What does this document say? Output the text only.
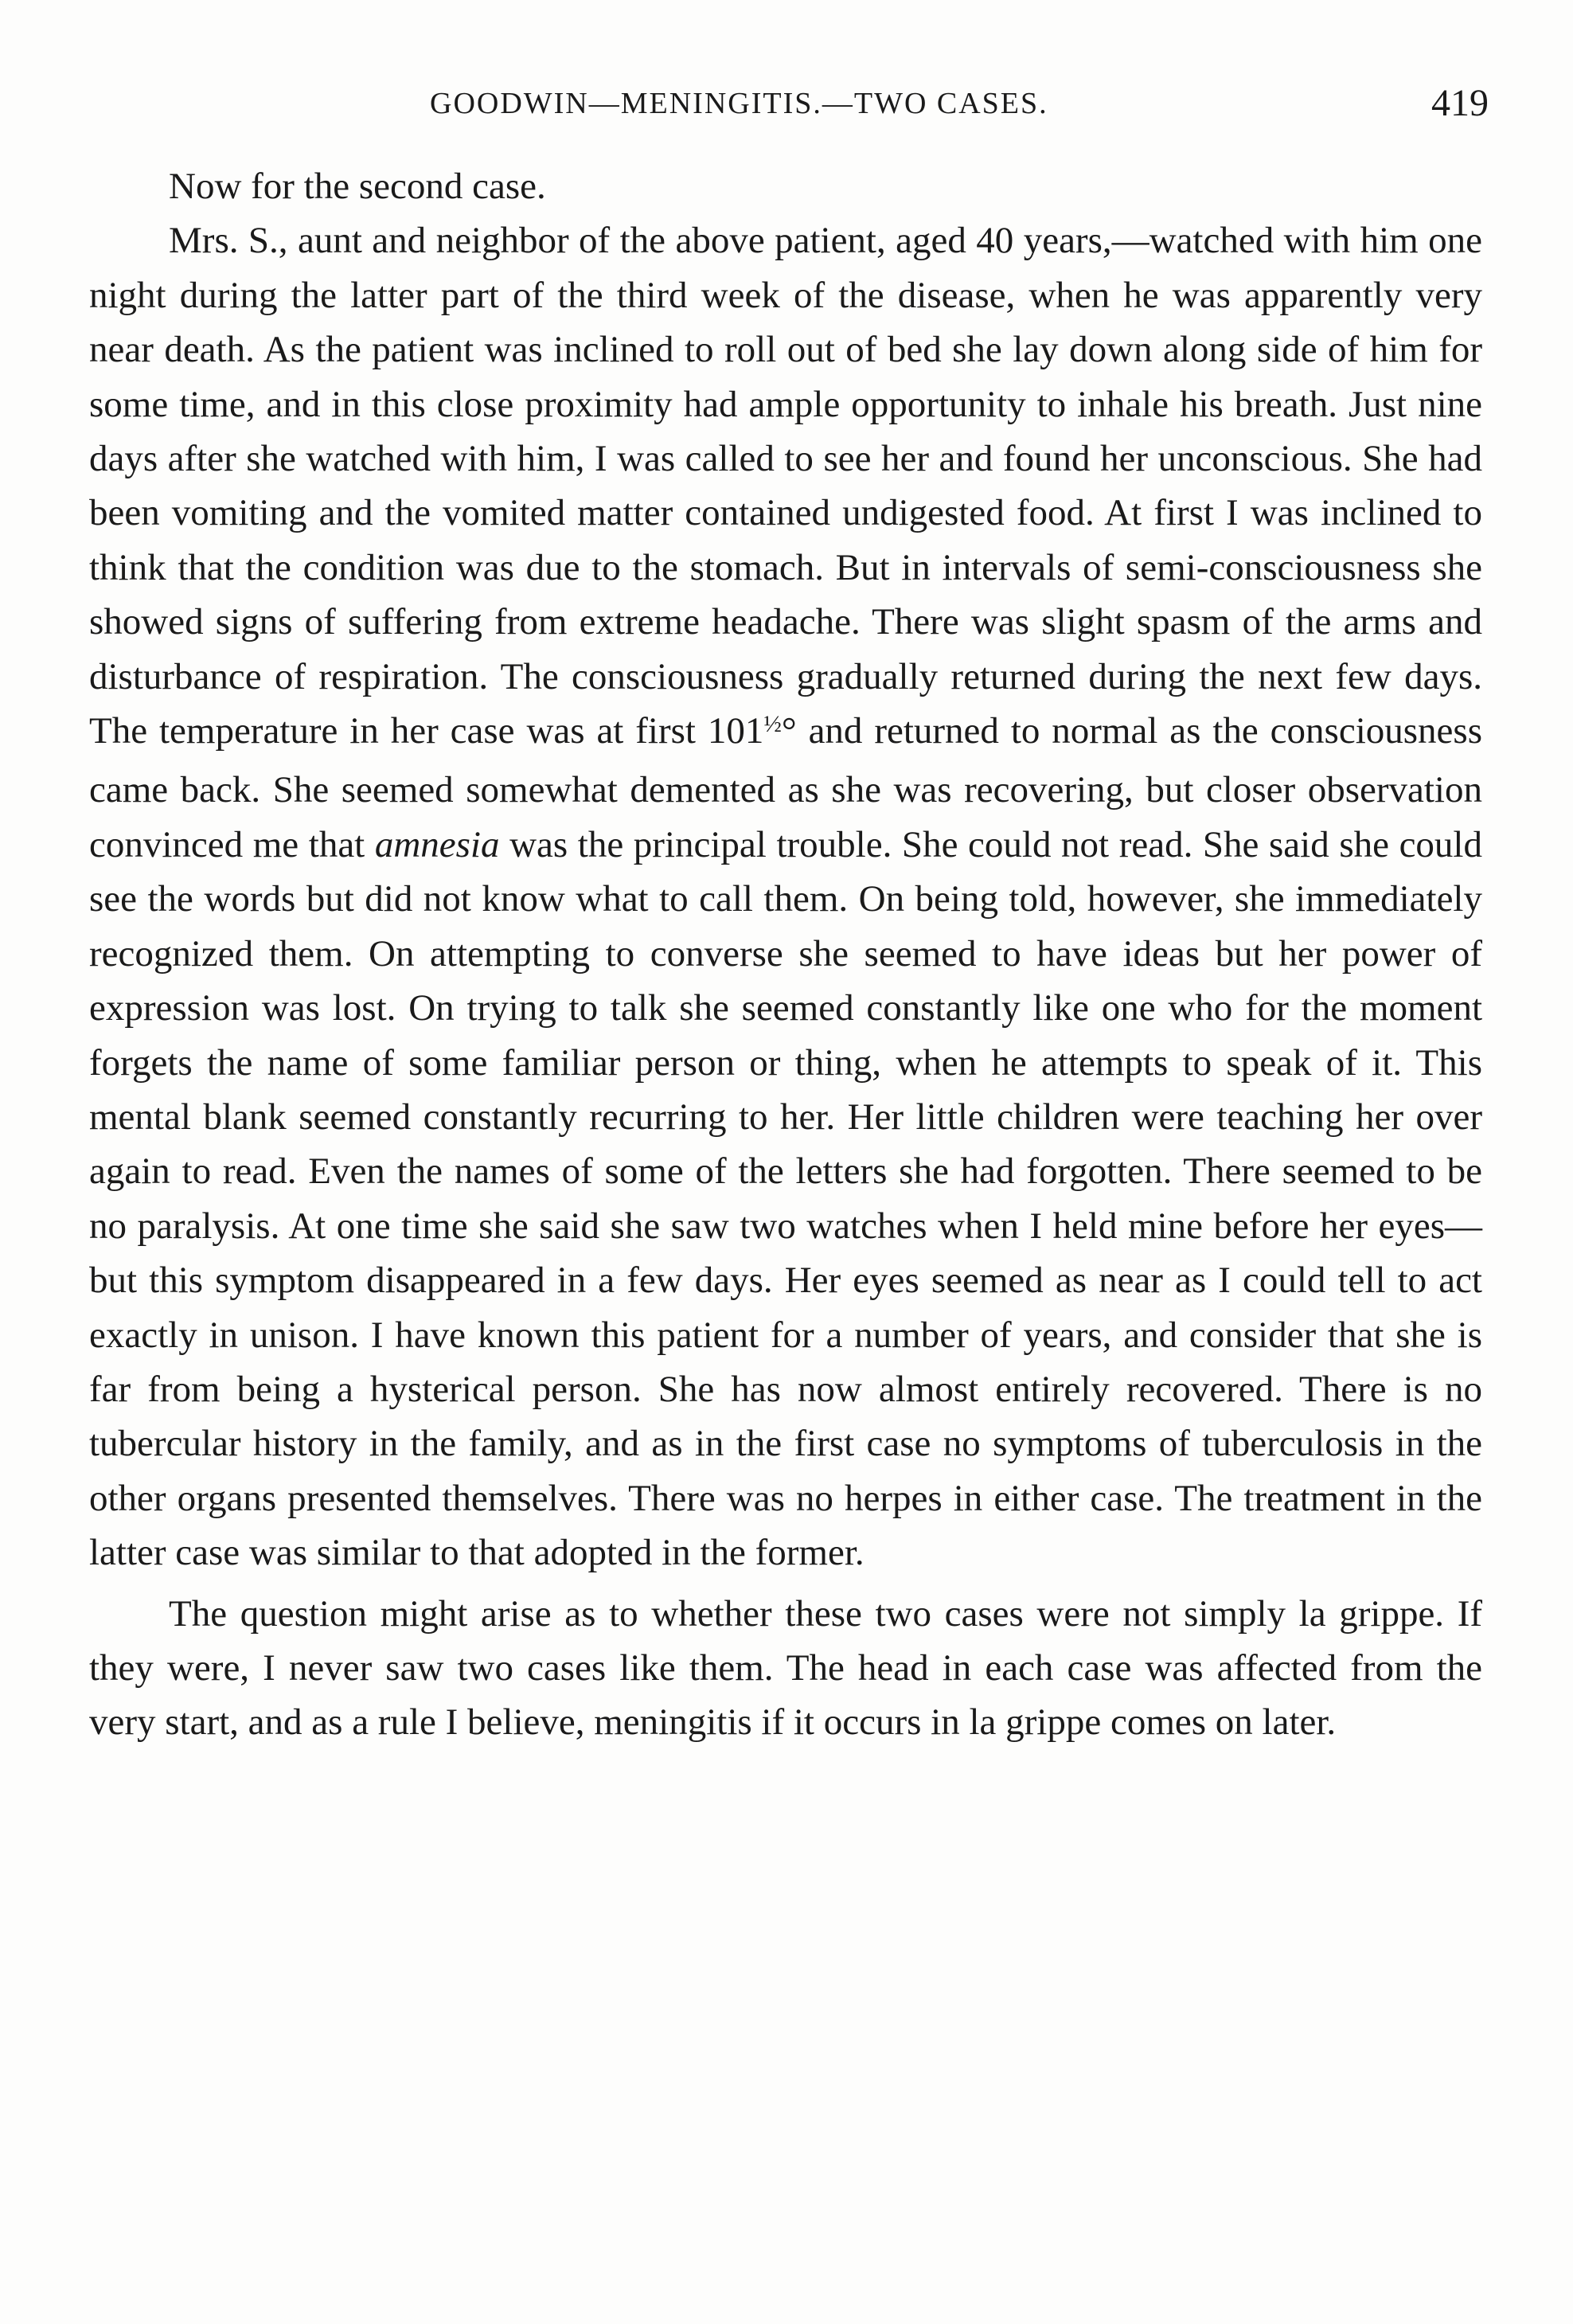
GOODWIN—MENINGITIS.—TWO CASES.	419

Now for the second case.

Mrs. S., aunt and neighbor of the above patient, aged 40 years,—watched with him one night during the latter part of the third week of the disease, when he was apparently very near death. As the patient was inclined to roll out of bed she lay down along side of him for some time, and in this close proximity had ample opportunity to inhale his breath. Just nine days after she watched with him, I was called to see her and found her unconscious. She had been vomiting and the vomited matter contained undigested food. At first I was inclined to think that the condition was due to the stomach. But in intervals of semi-consciousness she showed signs of suffering from extreme headache. There was slight spasm of the arms and disturbance of respiration. The consciousness gradually returned during the next few days. The temperature in her case was at first $101^{\frac{1}{2}}^\circ$ and returned to normal as the consciousness came back. She seemed somewhat demented as she was recovering, but closer observation convinced me that amnesia was the principal trouble. She could not read. She said she could see the words but did not know what to call them. On being told, however, she immediately recognized them. On attempting to converse she seemed to have ideas but her power of expression was lost. On trying to talk she seemed constantly like one who for the moment forgets the name of some familiar person or thing, when he attempts to speak of it. This mental blank seemed constantly recurring to her. Her little children were teaching her over again to read. Even the names of some of the letters she had forgotten. There seemed to be no paralysis. At one time she said she saw two watches when I held mine before her eyes—but this symptom disappeared in a few days. Her eyes seemed as near as I could tell to act exactly in unison. I have known this patient for a number of years, and consider that she is far from being a hysterical person. She has now almost entirely recovered. There is no tubercular history in the family, and as in the first case no symptoms of tuberculosis in the other organs presented themselves. There was no herpes in either case. The treatment in the latter case was similar to that adopted in the former.

The question might arise as to whether these two cases were not simply la grippe. If they were, I never saw two cases like them. The head in each case was affected from the very start, and as a rule I believe, meningitis if it occurs in la grippe comes on later.
